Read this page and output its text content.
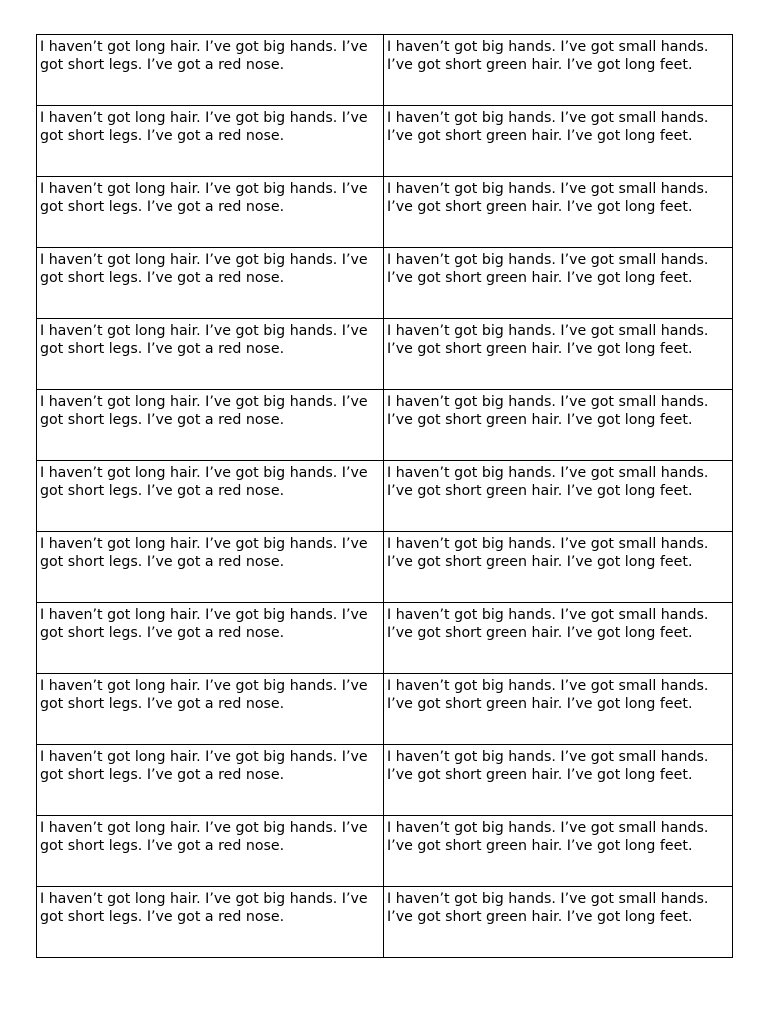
I haven’t got long hair. I’ve got big hands. I’ve got short legs. I’ve got a red nose.	I haven’t got big hands. I’ve got small hands. I’ve got short green hair. I’ve got long feet.
I haven’t got long hair. I’ve got big hands. I’ve got short legs. I’ve got a red nose.	I haven’t got big hands. I’ve got small hands. I’ve got short green hair. I’ve got long feet.
I haven’t got long hair. I’ve got big hands. I’ve got short legs. I’ve got a red nose.	I haven’t got big hands. I’ve got small hands. I’ve got short green hair. I’ve got long feet.
I haven’t got long hair. I’ve got big hands. I’ve got short legs. I’ve got a red nose.	I haven’t got big hands. I’ve got small hands. I’ve got short green hair. I’ve got long feet.
I haven’t got long hair. I’ve got big hands. I’ve got short legs. I’ve got a red nose.	I haven’t got big hands. I’ve got small hands. I’ve got short green hair. I’ve got long feet.
I haven’t got long hair. I’ve got big hands. I’ve got short legs. I’ve got a red nose.	I haven’t got big hands. I’ve got small hands. I’ve got short green hair. I’ve got long feet.
I haven’t got long hair. I’ve got big hands. I’ve got short legs. I’ve got a red nose.	I haven’t got big hands. I’ve got small hands. I’ve got short green hair. I’ve got long feet.
I haven’t got long hair. I’ve got big hands. I’ve got short legs. I’ve got a red nose.	I haven’t got big hands. I’ve got small hands. I’ve got short green hair. I’ve got long feet.
I haven’t got long hair. I’ve got big hands. I’ve got short legs. I’ve got a red nose.	I haven’t got big hands. I’ve got small hands. I’ve got short green hair. I’ve got long feet.
I haven’t got long hair. I’ve got big hands. I’ve got short legs. I’ve got a red nose.	I haven’t got big hands. I’ve got small hands. I’ve got short green hair. I’ve got long feet.
I haven’t got long hair. I’ve got big hands. I’ve got short legs. I’ve got a red nose.	I haven’t got big hands. I’ve got small hands. I’ve got short green hair. I’ve got long feet.
I haven’t got long hair. I’ve got big hands. I’ve got short legs. I’ve got a red nose.	I haven’t got big hands. I’ve got small hands. I’ve got short green hair. I’ve got long feet.
I haven’t got long hair. I’ve got big hands. I’ve got short legs. I’ve got a red nose.	I haven’t got big hands. I’ve got small hands. I’ve got short green hair. I’ve got long feet.
